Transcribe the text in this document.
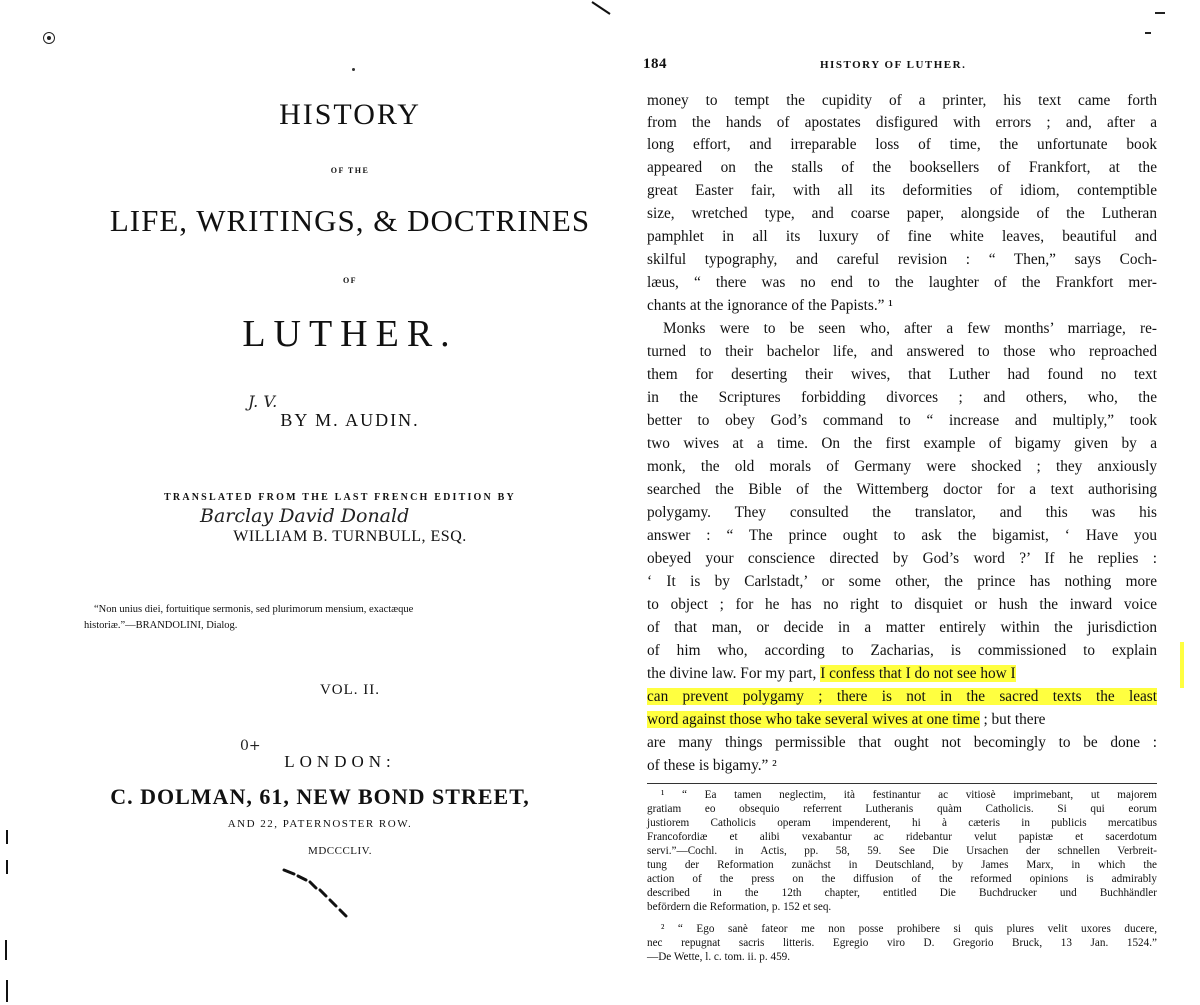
HISTORY
OF THE
LIFE, WRITINGS, & DOCTRINES
OF
LUTHER.
J. V.
BY M. AUDIN.
TRANSLATED FROM THE LAST FRENCH EDITION BY
Barclay David Donald
WILLIAM B. TURNBULL, ESQ.
“Non unius diei, fortuitique sermonis, sed plurimorum mensium, exactæque
historiæ.”—BRANDOLINI, Dialog.
VOL. II.
0+
LONDON:
C. DOLMAN, 61, NEW BOND STREET,
AND 22, PATERNOSTER ROW.
MDCCCLIV.
184	HISTORY OF LUTHER.
money to tempt the cupidity of a printer, his text came forth
from the hands of apostates disfigured with errors ; and, after a
long effort, and irreparable loss of time, the unfortunate book
appeared on the stalls of the booksellers of Frankfort, at the
great Easter fair, with all its deformities of idiom, contemptible
size, wretched type, and coarse paper, alongside of the Lutheran
pamphlet in all its luxury of fine white leaves, beautiful and
skilful typography, and careful revision : “ Then,” says Coch-
læus, “ there was no end to the laughter of the Frankfort mer-
chants at the ignorance of the Papists.” ¹
Monks were to be seen who, after a few months’ marriage, re-
turned to their bachelor life, and answered to those who reproached
them for deserting their wives, that Luther had found no text
in the Scriptures forbidding divorces ; and others, who, the
better to obey God’s command to “ increase and multiply,” took
two wives at a time. On the first example of bigamy given by a
monk, the old morals of Germany were shocked ; they anxiously
searched the Bible of the Wittemberg doctor for a text authorising
polygamy. They consulted the translator, and this was his
answer : “ The prince ought to ask the bigamist, ‘ Have you
obeyed your conscience directed by God’s word ?’ If he replies :
‘ It is by Carlstadt,’ or some other, the prince has nothing more
to object ; for he has no right to disquiet or hush the inward voice
of that man, or decide in a matter entirely within the jurisdiction
of him who, according to Zacharias, is commissioned to explain
the divine law. For my part, I confess that I do not see how I
can prevent polygamy ; there is not in the sacred texts the least
word against those who take several wives at one time ; but there
are many things permissible that ought not becomingly to be done :
of these is bigamy.” ²
¹ “ Ea tamen neglectim, ità festinantur ac vitiosè imprimebant, ut majorem
gratiam eo obsequio referrent Lutheranis quàm Catholicis. Si qui eorum
justiorem Catholicis operam impenderent, hi à cæteris in publicis mercatibus
Francofordiæ et alibi vexabantur ac ridebantur velut papistæ et sacerdotum
servi.”—Cochl. in Actis, pp. 58, 59. See Die Ursachen der schnellen Verbreit-
tung der Reformation zunächst in Deutschland, by James Marx, in which the
action of the press on the diffusion of the reformed opinions is admirably
described in the 12th chapter, entitled Die Buchdrucker und Buchhändler
befördern die Reformation, p. 152 et seq.
² “ Ego sanè fateor me non posse prohibere si quis plures velit uxores ducere,
nec repugnat sacris litteris. Egregio viro D. Gregorio Bruck, 13 Jan. 1524.”
—De Wette, l. c. tom. ii. p. 459.
